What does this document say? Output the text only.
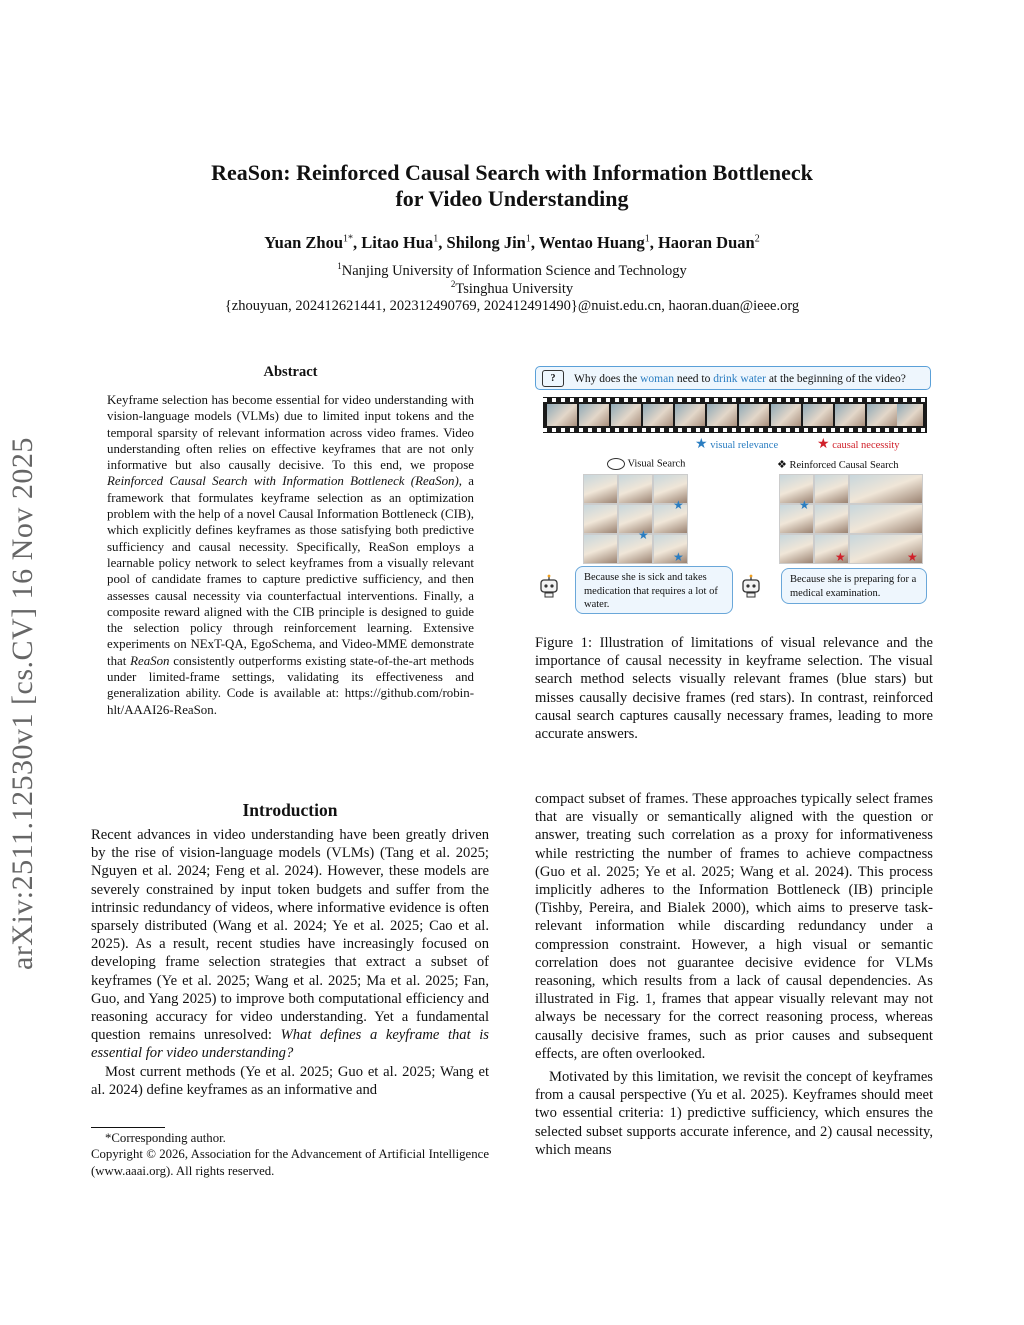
ReaSon: Reinforced Causal Search with Information Bottleneck
for Video Understanding
Yuan Zhou$^{1*}$, Litao Hua$^1$, Shilong Jin$^1$, Wentao Huang$^1$, Haoran Duan$^2$
$^1$Nanjing University of Information Science and Technology
$^2$Tsinghua University
{zhouyuan, 202412621441, 202312490769, 202412491490}@nuist.edu.cn, haoran.duan@ieee.org
arXiv:2511.12530v1 [cs.CV] 16 Nov 2025
Abstract
Keyframe selection has become essential for video understanding with vision-language models (VLMs) due to limited input tokens and the temporal sparsity of relevant information across video frames. Video understanding often relies on effective keyframes that are not only informative but also causally decisive. To this end, we propose Reinforced Causal Search with Information Bottleneck (ReaSon), a framework that formulates keyframe selection as an optimization problem with the help of a novel Causal Information Bottleneck (CIB), which explicitly defines keyframes as those satisfying both predictive sufficiency and causal necessity. Specifically, ReaSon employs a learnable policy network to select keyframes from a visually relevant pool of candidate frames to capture predictive sufficiency, and then assesses causal necessity via counterfactual interventions. Finally, a composite reward aligned with the CIB principle is designed to guide the selection policy through reinforcement learning. Extensive experiments on NExT-QA, EgoSchema, and Video-MME demonstrate that ReaSon consistently outperforms existing state-of-the-art methods under limited-frame settings, validating its effectiveness and generalization ability. Code is available at: https://github.com/robin-hlt/AAAI26-ReaSon.
Introduction

Recent advances in video understanding have been greatly driven by the rise of vision-language models (VLMs) (Tang et al. 2025; Nguyen et al. 2024; Feng et al. 2024). However, these models are severely constrained by input token budgets and suffer from the intrinsic redundancy of videos, where informative evidence is often sparsely distributed (Wang et al. 2024; Ye et al. 2025; Cao et al. 2025). As a result, recent studies have increasingly focused on developing frame selection strategies that extract a subset of keyframes (Ye et al. 2025; Wang et al. 2025; Ma et al. 2025; Fan, Guo, and Yang 2025) to improve both computational efficiency and reasoning accuracy for video understanding. Yet a fundamental question remains unresolved: What defines a keyframe that is essential for video understanding?

Most current methods (Ye et al. 2025; Guo et al. 2025; Wang et al. 2024) define keyframes as an informative and

*Corresponding author.
Copyright © 2026, Association for the Advancement of Artificial Intelligence (www.aaai.org). All rights reserved.
?	Why does the woman need to drink water at the beginning of the video?
★ visual relevance	★ causal necessity
Visual Search	❖ Reinforced Causal Search
★
★
★
★
★	★
Because she is sick and takes medication that requires a lot of water.
Because she is preparing for a medical examination.
Figure 1: Illustration of limitations of visual relevance and the importance of causal necessity in keyframe selection. The visual search method selects visually relevant frames (blue stars) but misses causally decisive frames (red stars). In contrast, reinforced causal search captures causally necessary frames, leading to more accurate answers.

compact subset of frames. These approaches typically select frames that are visually or semantically aligned with the question or answer, treating such correlation as a proxy for informativeness while restricting the number of frames to achieve compactness (Guo et al. 2025; Ye et al. 2025; Wang et al. 2024). This process implicitly adheres to the Information Bottleneck (IB) principle (Tishby, Pereira, and Bialek 2000), which aims to preserve task-relevant information while discarding redundancy under a compression constraint. However, a high visual or semantic correlation does not guarantee decisive evidence for VLMs reasoning, which results from a lack of causal dependencies. As illustrated in Fig. 1, frames that appear visually relevant may not always be necessary for the correct reasoning process, whereas causally decisive frames, such as prior causes and subsequent effects, are often overlooked.

Motivated by this limitation, we revisit the concept of keyframes from a causal perspective (Yu et al. 2025). Keyframes should meet two essential criteria: 1) predictive sufficiency, which ensures the selected subset supports accurate inference, and 2) causal necessity, which means
